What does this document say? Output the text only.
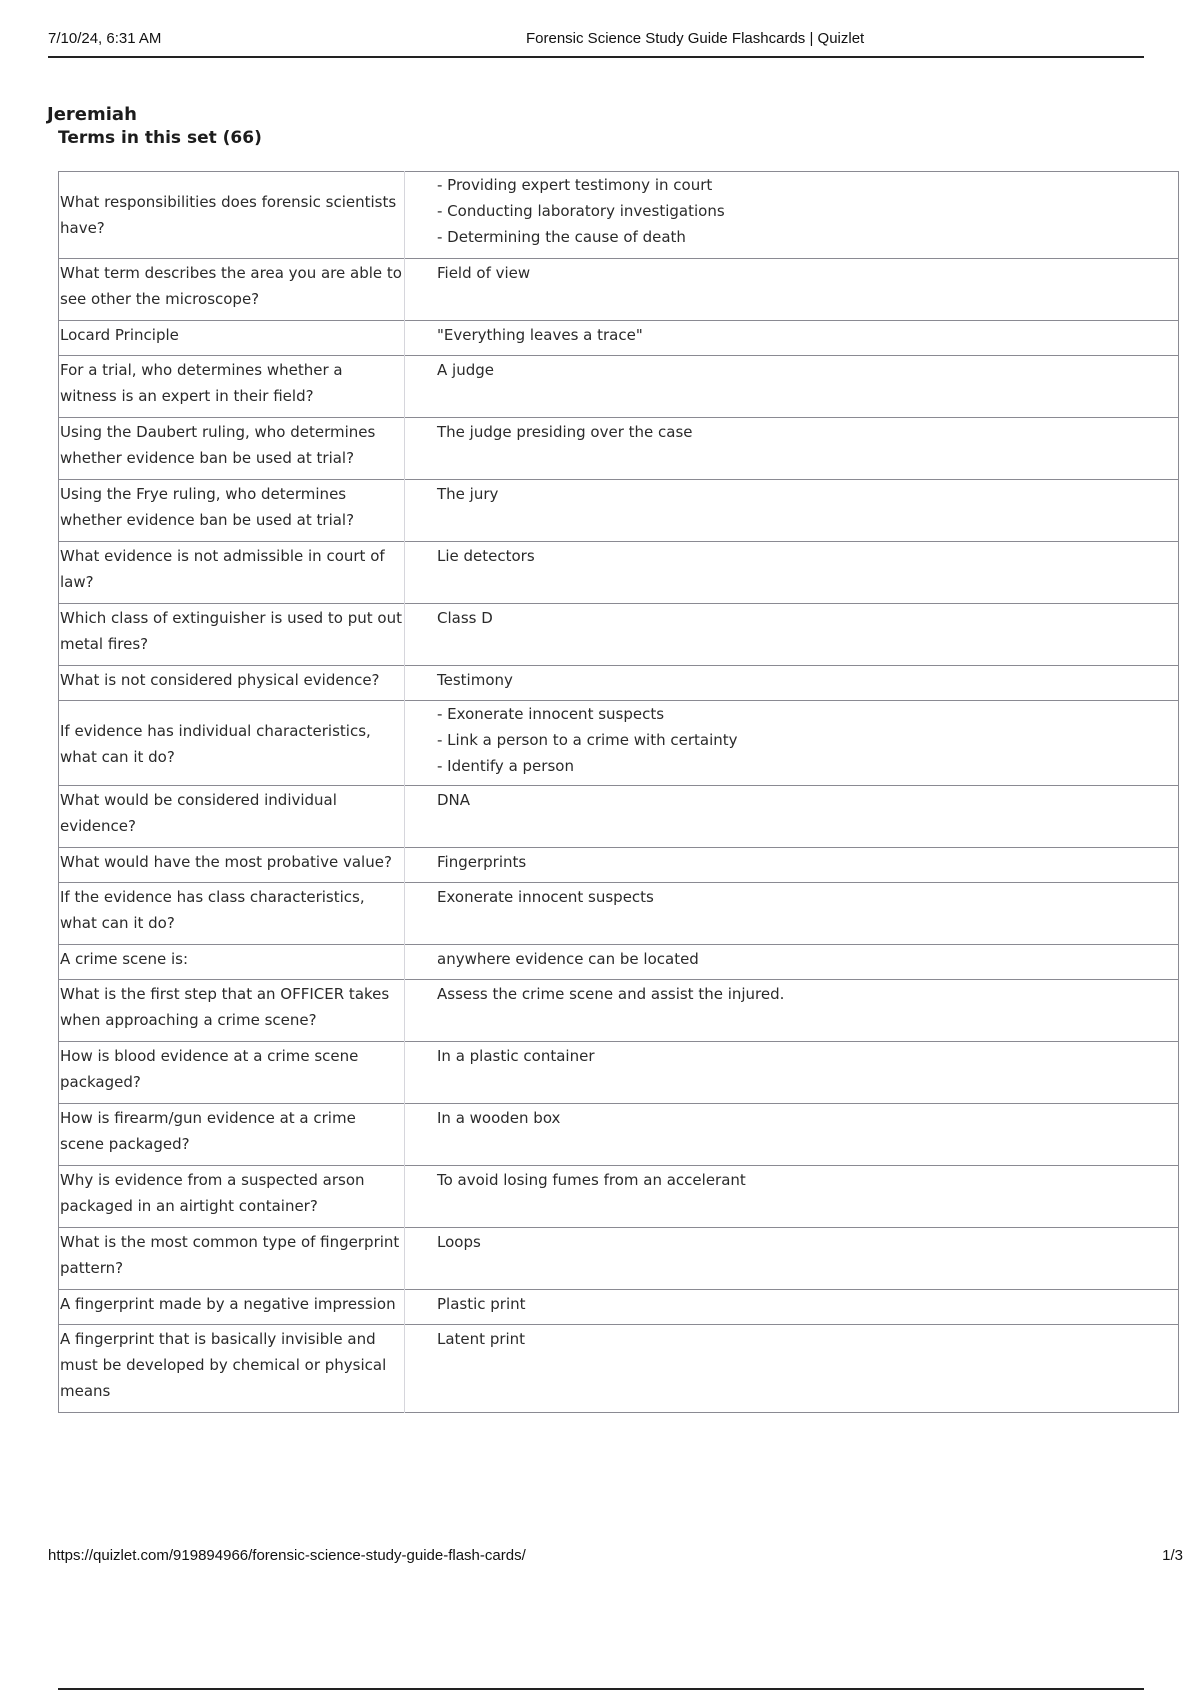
7/10/24, 6:31 AM	Forensic Science Study Guide Flashcards | Quizlet
Jeremiah
Terms in this set (66)
What responsibilities does forensic scientists have?	- Providing expert testimony in court
- Conducting laboratory investigations
- Determining the cause of death

What term describes the area you are able to see other the microscope?	Field of view

Locard Principle	"Everything leaves a trace"

For a trial, who determines whether a witness is an expert in their field?	A judge

Using the Daubert ruling, who determines whether evidence ban be used at trial?	The judge presiding over the case

Using the Frye ruling, who determines whether evidence ban be used at trial?	The jury

What evidence is not admissible in court of law?	Lie detectors

Which class of extinguisher is used to put out metal fires?	Class D

What is not considered physical evidence?	Testimony

If evidence has individual characteristics, what can it do?	- Exonerate innocent suspects
- Link a person to a crime with certainty
- Identify a person

What would be considered individual evidence?	DNA

What would have the most probative value?	Fingerprints

If the evidence has class characteristics, what can it do?	Exonerate innocent suspects

A crime scene is:	anywhere evidence can be located

What is the first step that an OFFICER takes when approaching a crime scene?	Assess the crime scene and assist the injured.

How is blood evidence at a crime scene packaged?	In a plastic container

How is firearm/gun evidence at a crime scene packaged?	In a wooden box

Why is evidence from a suspected arson packaged in an airtight container?	To avoid losing fumes from an accelerant

What is the most common type of fingerprint pattern?	Loops

A fingerprint made by a negative impression	Plastic print

A fingerprint that is basically invisible and must be developed by chemical or physical means	Latent print
https://quizlet.com/919894966/forensic-science-study-guide-flash-cards/	1/3
